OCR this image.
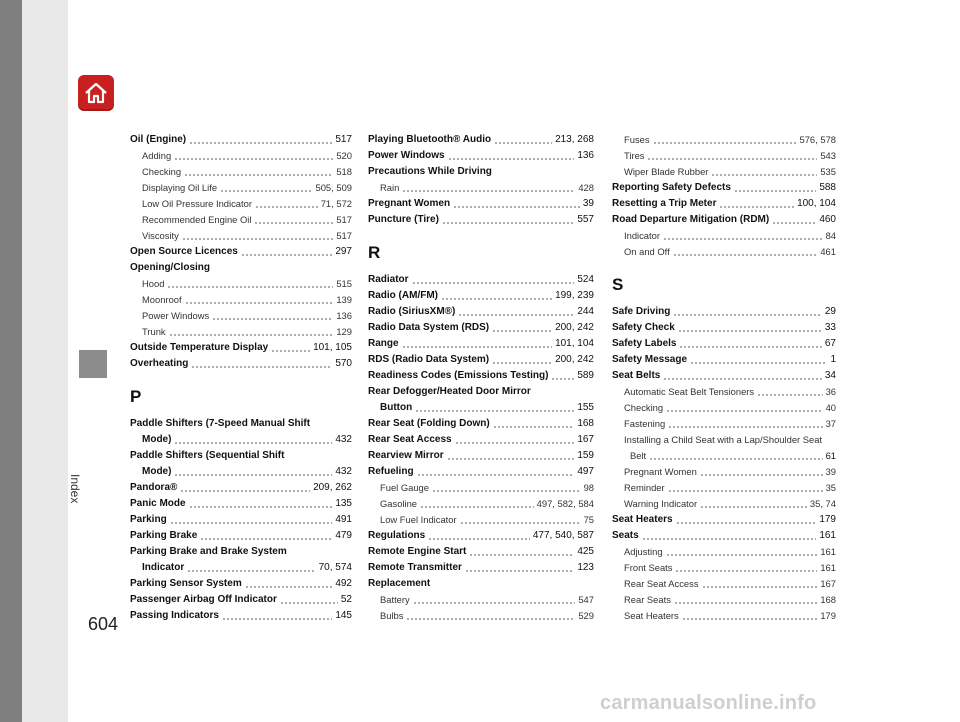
Index
Oil (Engine)	517
Adding	520
Checking	518
Displaying Oil Life	505, 509
Low Oil Pressure Indicator	71, 572
Recommended Engine Oil	517
Viscosity	517
Open Source Licences	297
Opening/Closing
Hood	515
Moonroof	139
Power Windows	136
Trunk	129
Outside Temperature Display	101, 105
Overheating	570
P
Paddle Shifters (7-Speed Manual Shift
Mode)	432
Paddle Shifters (Sequential Shift
Mode)	432
Pandora®	209, 262
Panic Mode	135
Parking	491
Parking Brake	479
Parking Brake and Brake System
Indicator	70, 574
Parking Sensor System	492
Passenger Airbag Off Indicator	52
Passing Indicators	145
Playing Bluetooth® Audio	213, 268
Power Windows	136
Precautions While Driving
Rain	428
Pregnant Women	39
Puncture (Tire)	557
R
Radiator	524
Radio (AM/FM)	199, 239
Radio (SiriusXM®)	244
Radio Data System (RDS)	200, 242
Range	101, 104
RDS (Radio Data System)	200, 242
Readiness Codes (Emissions Testing)	589
Rear Defogger/Heated Door Mirror
Button	155
Rear Seat (Folding Down)	168
Rear Seat Access	167
Rearview Mirror	159
Refueling	497
Fuel Gauge	98
Gasoline	497, 582, 584
Low Fuel Indicator	75
Regulations	477, 540, 587
Remote Engine Start	425
Remote Transmitter	123
Replacement
Battery	547
Bulbs	529
Fuses	576, 578
Tires	543
Wiper Blade Rubber	535
Reporting Safety Defects	588
Resetting a Trip Meter	100, 104
Road Departure Mitigation (RDM)	460
Indicator	84
On and Off	461
S
Safe Driving	29
Safety Check	33
Safety Labels	67
Safety Message	1
Seat Belts	34
Automatic Seat Belt Tensioners	36
Checking	40
Fastening	37
Installing a Child Seat with a Lap/Shoulder Seat
Belt	61
Pregnant Women	39
Reminder	35
Warning Indicator	35, 74
Seat Heaters	179
Seats	161
Adjusting	161
Front Seats	161
Rear Seat Access	167
Rear Seats	168
Seat Heaters	179
604
carmanualsonline.info
